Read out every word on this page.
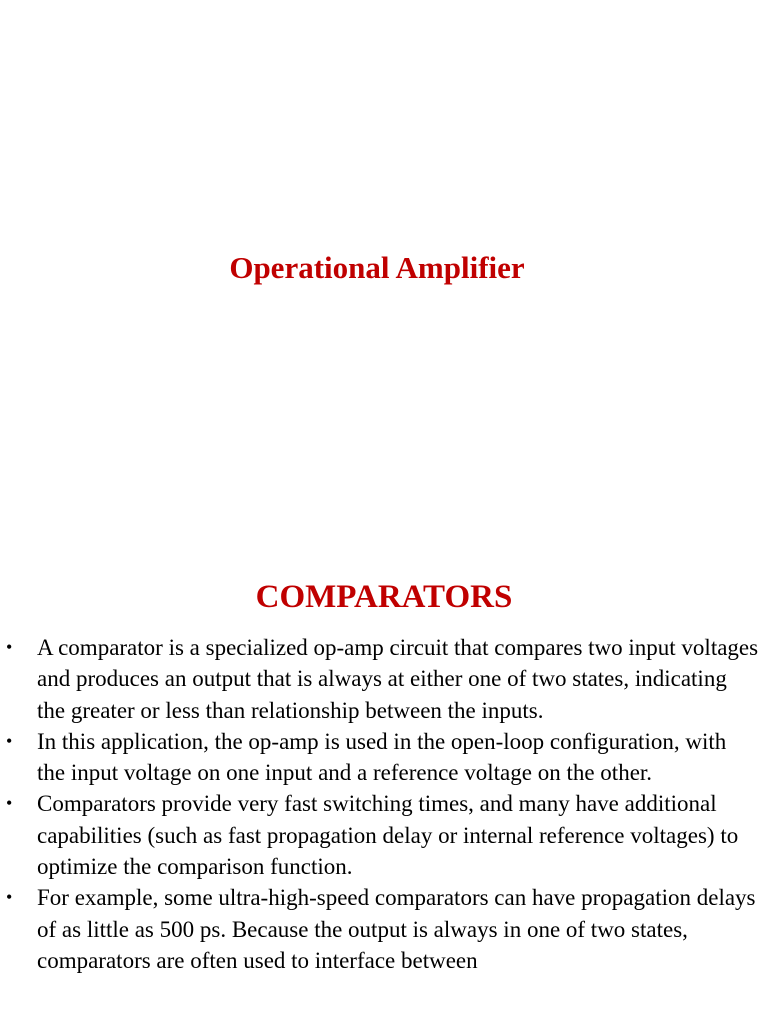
Operational Amplifier
COMPARATORS
• A comparator is a specialized op-amp circuit that compares two input voltages and produces an output that is always at either one of two states, indicating the greater or less than relationship between the inputs.
• In this application, the op-amp is used in the open-loop configuration, with the input voltage on one input and a reference voltage on the other.
• Comparators provide very fast switching times, and many have additional capabilities (such as fast propagation delay or internal reference voltages) to optimize the comparison function.
• For example, some ultra-high-speed comparators can have propagation delays of as little as 500 ps. Because the output is always in one of two states, comparators are often used to interface between
